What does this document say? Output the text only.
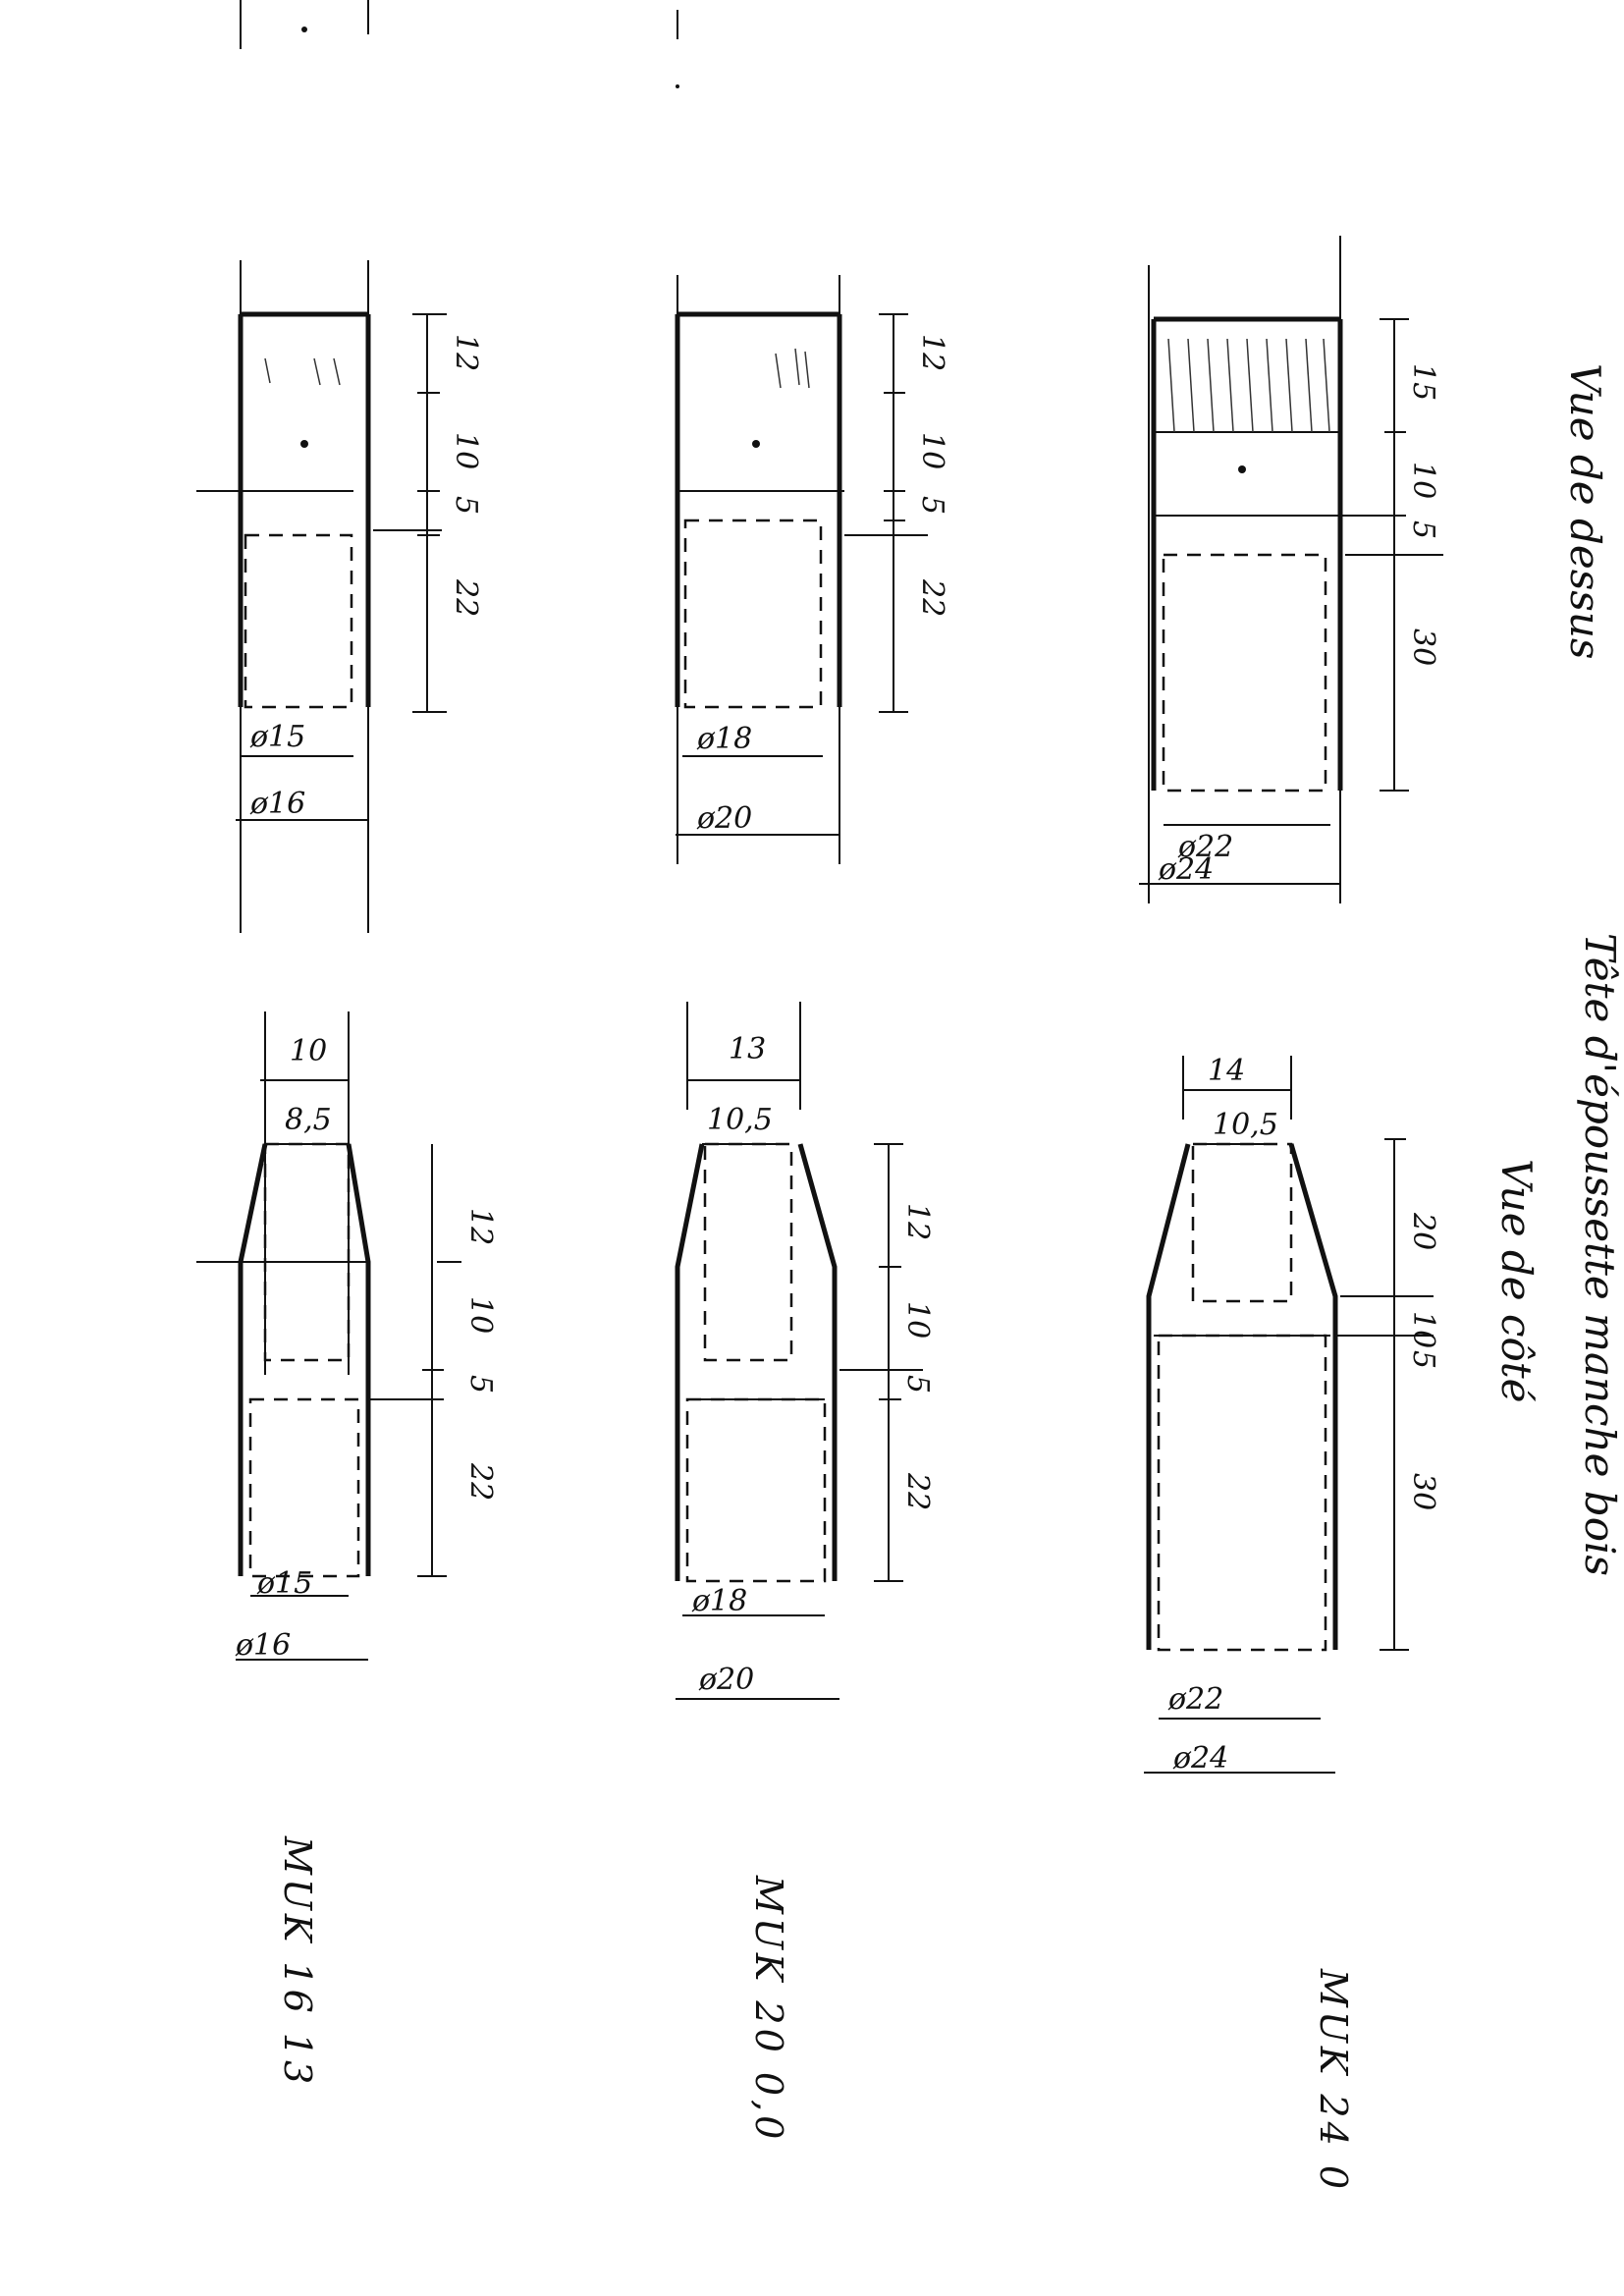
Tête d'époussette manche bois
Vue de dessus
Vue de côté
12
10
5
22
ø15
ø16
12
10
5
22
ø18
ø20
15
10
5
30
ø22
ø24
10
8,5
12
10
5
22
ø15
ø16
13
10,5
12
10
5
22
ø18
ø20
14
10,5
20
10
5
30
ø22
ø24
MUK 16 13	MUK 20 0,0	MUK 24 0
